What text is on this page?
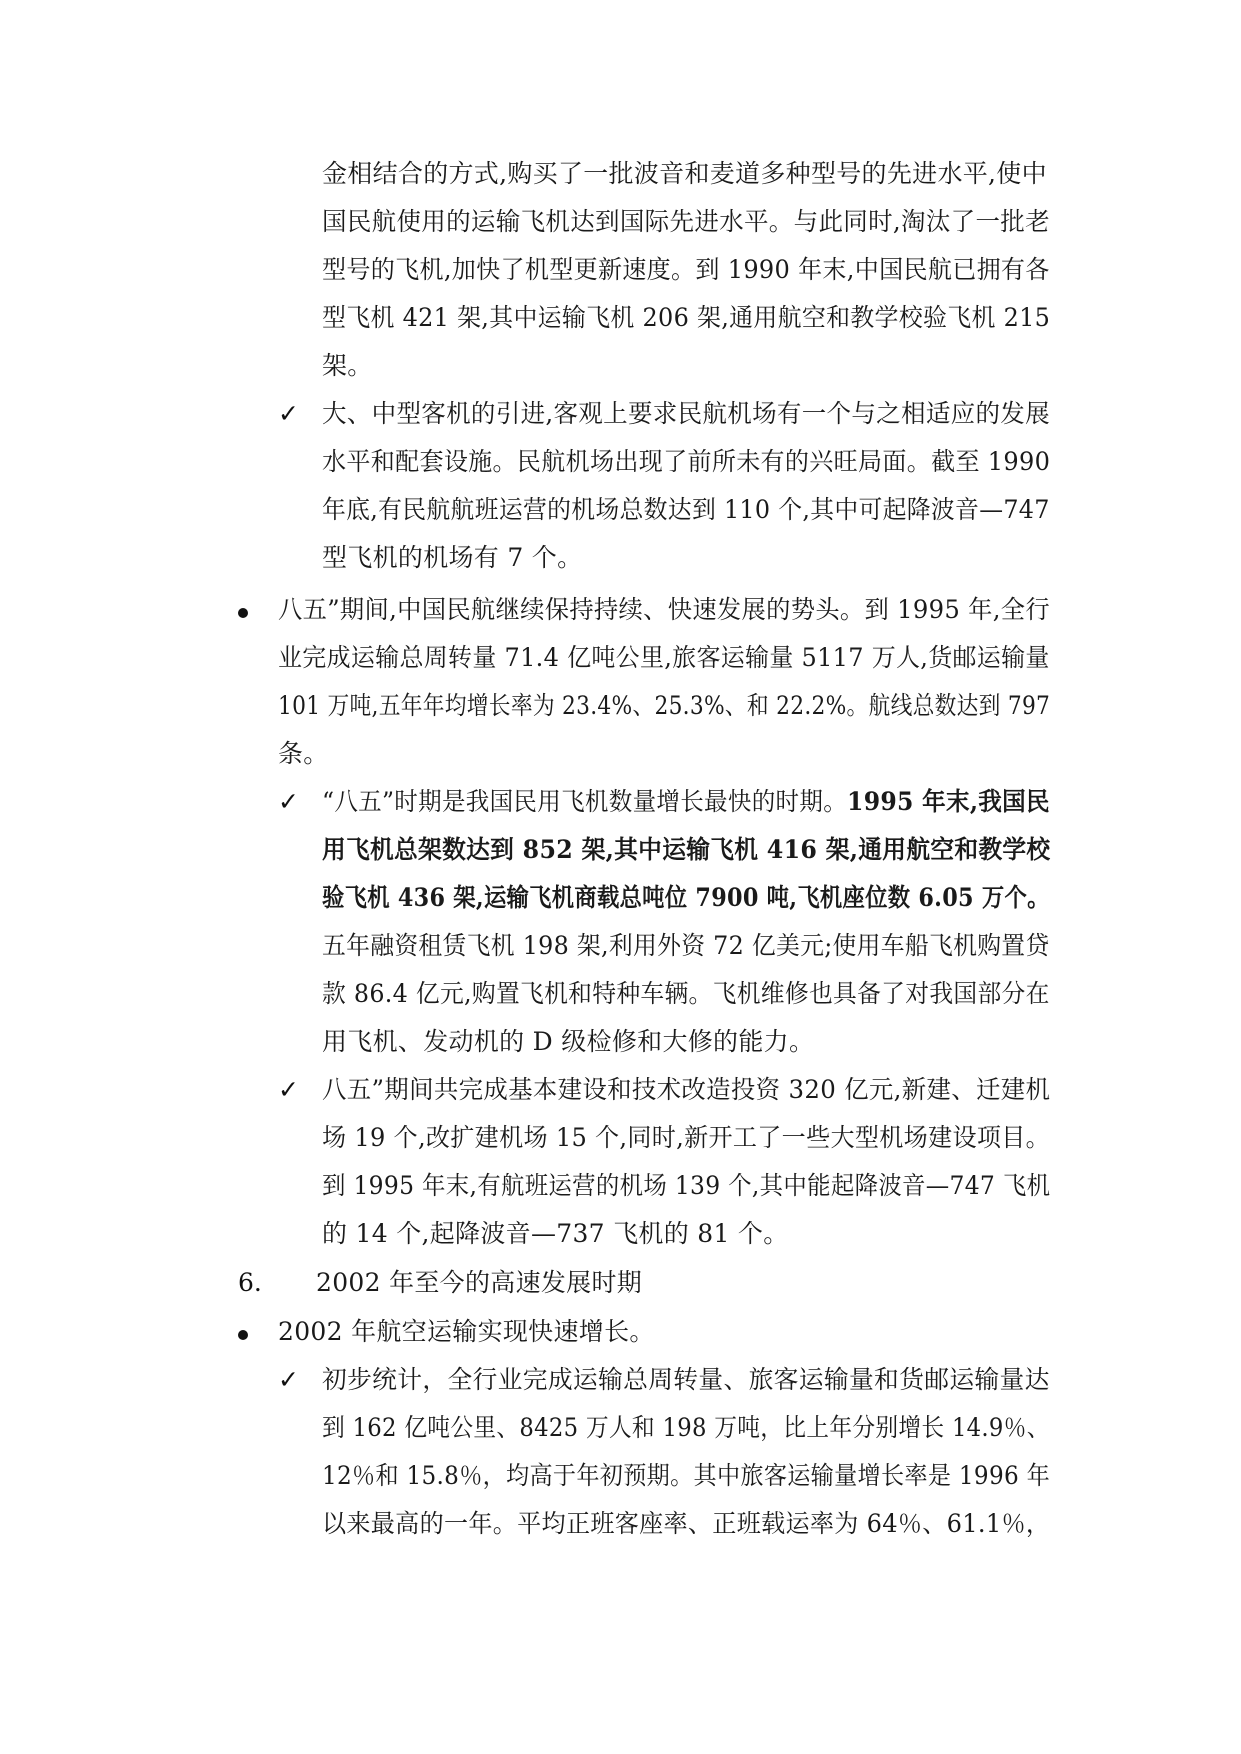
金相结合的方式,购买了一批波音和麦道多种型号的先进水平,使中
国民航使用的运输飞机达到国际先进水平。与此同时,淘汰了一批老
型号的飞机,加快了机型更新速度。到 1990 年末,中国民航已拥有各
型飞机 421 架,其中运输飞机 206 架,通用航空和教学校验飞机 215
架。
✓ 大、中型客机的引进,客观上要求民航机场有一个与之相适应的发展
水平和配套设施。民航机场出现了前所未有的兴旺局面。截至 1990
年底,有民航航班运营的机场总数达到 110 个,其中可起降波音—747
型飞机的机场有 7 个。
八五”期间,中国民航继续保持持续、快速发展的势头。到 1995 年,全行
业完成运输总周转量 71.4 亿吨公里,旅客运输量 5117 万人,货邮运输量
101 万吨,五年年均增长率为 23.4%、25.3%、和 22.2%。航线总数达到 797
条。
✓ “八五”时期是我国民用飞机数量增长最快的时期。1995 年末,我国民
用飞机总架数达到 852 架,其中运输飞机 416 架,通用航空和教学校
验飞机 436 架,运输飞机商载总吨位 7900 吨,飞机座位数 6.05 万个。
五年融资租赁飞机 198 架,利用外资 72 亿美元;使用车船飞机购置贷
款 86.4 亿元,购置飞机和特种车辆。飞机维修也具备了对我国部分在
用飞机、发动机的 D 级检修和大修的能力。
✓ 八五”期间共完成基本建设和技术改造投资 320 亿元,新建、迁建机
场 19 个,改扩建机场 15 个,同时,新开工了一些大型机场建设项目。
到 1995 年末,有航班运营的机场 139 个,其中能起降波音—747 飞机
的 14 个,起降波音—737 飞机的 81 个。
6. 2002 年至今的高速发展时期
2002 年航空运输实现快速增长。
✓ 初步统计，全行业完成运输总周转量、旅客运输量和货邮运输量达
到 162 亿吨公里、8425 万人和 198 万吨，比上年分别增长 14.9％、
12％和 15.8％，均高于年初预期。其中旅客运输量增长率是 1996 年
以来最高的一年。平均正班客座率、正班载运率为 64％、61.1％，
